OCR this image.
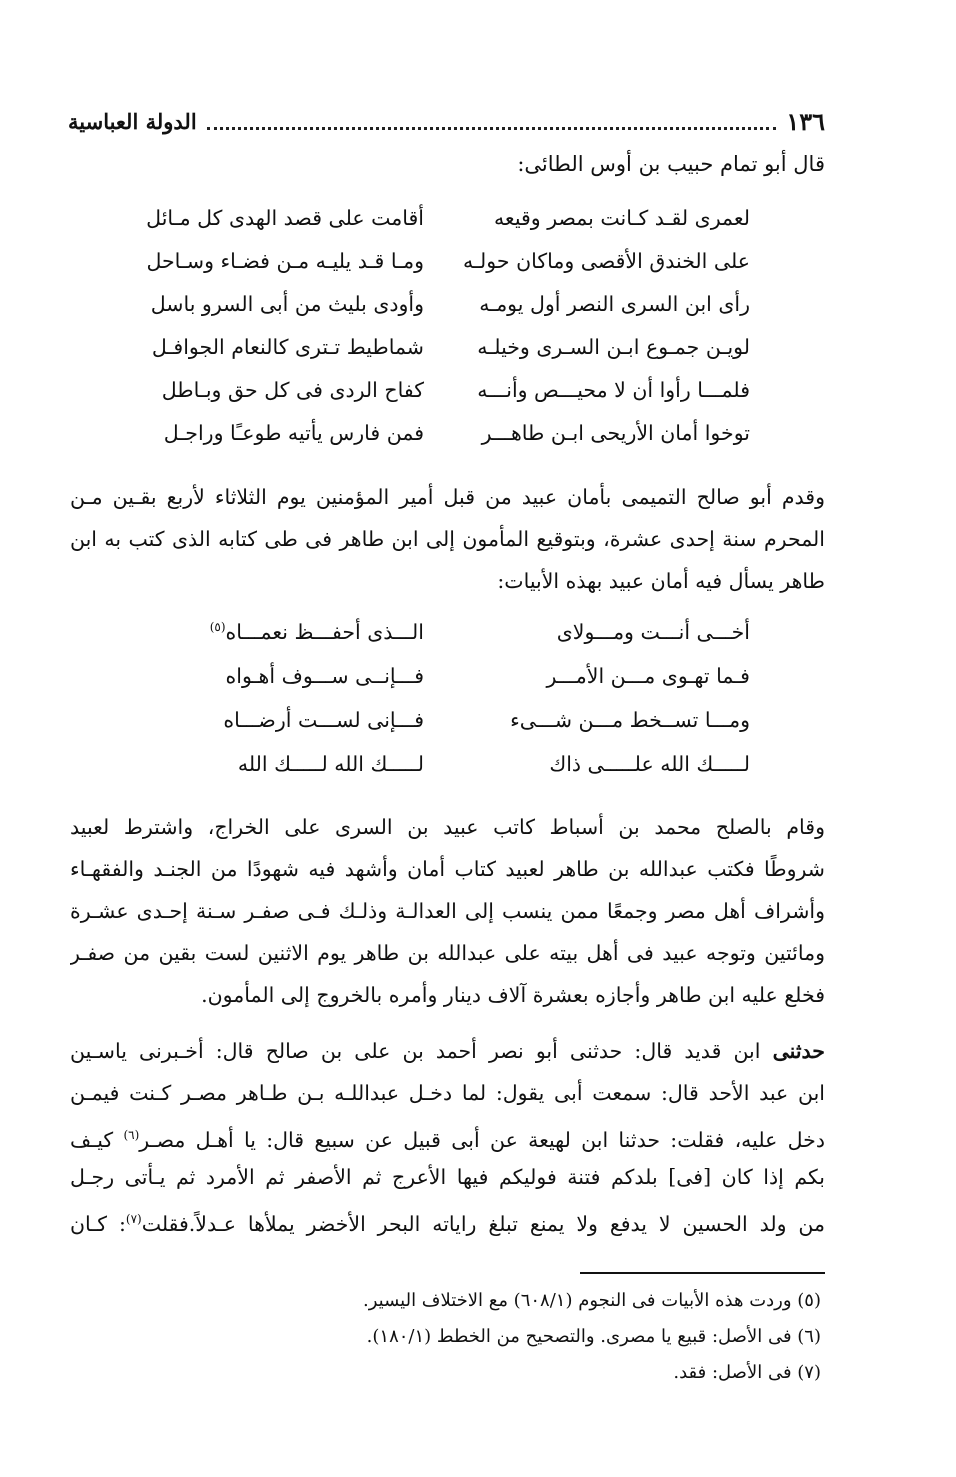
١٣٦
الدولة العباسية
قال أبو تمام حبيب بن أوس الطائى:
لعمرى لقـد كـانت بمصر وقيعه
أقامت على قصد الهدى كل مـائل
على الخندق الأقصى وماكان حولـه
ومـا قـد يليـه مـن فضـاء وسـاحل
رأى ابن السرى النصر أول يومـه
وأودى بليث من أبى السرو باسل
لويـن جمـوع ابـن السـرى وخيلـه
شماطيط تـترى كالنعام الجوافـل
فلمـــا رأوا أن لا محيـــص وأنـــه
كفاح الردى فى كل حق وبـاطل
توخوا أمان الأريحى ابـن طاهـــر
فمن فارس يأتيه طوعـًا وراجـل
وقدم أبو صالح التميمى بأمان عبيد من قبل أمير المؤمنين يوم الثلاثاء لأربع بقـين مـن
المحرم سنة إحدى عشرة، وبتوقيع المأمون إلى ابن طاهر فى طى كتابه الذى كتب به ابن
طاهر يسأل فيه أمان عبيد بهذه الأبيات:
أخـــى أنـــت ومـــولاى
الـــذى أحفـــظ نعمـــاه$^{(٥)}$
فـما تهـوى مـــن الأمـــر
فـــإنــى ســـوف أهـواه
ومـــا تســخط مـــن شـــىء
فـــإنى لســـت أرضـــاه
لـــــك الله علـــــى ذاك
لـــــك الله لـــــك الله
وقام بالصلح محمد بن أسباط كاتب عبيد بن السرى على الخراج، واشترط لعبيد
شروطًا فكتب عبدالله بن طاهر لعبيد كتاب أمان وأشهد فيه شهودًا من الجنـد والفقهـاء
وأشراف أهل مصر وجمعًا ممن ينسب إلى العدالـة وذلـك فـى صفـر سـنة إحـدى عشـرة
ومائتين وتوجه عبيد فى أهل بيته على عبدالله بن طاهر يوم الاثنين لست بقين من صفـر
فخلع عليه ابن طاهر وأجازه بعشرة آلاف دينار وأمره بالخروج إلى المأمون.
حدثنى ابن قديد قال: حدثنى أبو نصر أحمد بن على بن صالح قال: أخـبرنى ياسـين
ابن عبد الأحد قال: سمعت أبى يقول: لما دخـل عبداللـه بـن طـاهر مصـر كـنت فيمـن
دخل عليه، فقلت: حدثنا ابن لهيعة عن أبى قبيل عن سبيع قال: يا أهـل مصـر$^{(٦)}$ كيـف
بكم إذا كان [فى] بلدكم فتنة فوليكم فيها الأعرج ثم الأصفر ثم الأمرد ثم يـأتى رجـل
من ولد الحسين لا يدفع ولا يمنع تبلغ راياته البحر الأخضر يملأها عـدلاً.فقلت$^{(٧)}$: كـان
(٥) وردت هذه الأبيات فى النجوم (٦٠٨/١) مع الاختلاف اليسير.
(٦) فى الأصل: قبيع يا مصرى. والتصحيح من الخطط (١٨٠/١).
(٧) فى الأصل: فقد.
